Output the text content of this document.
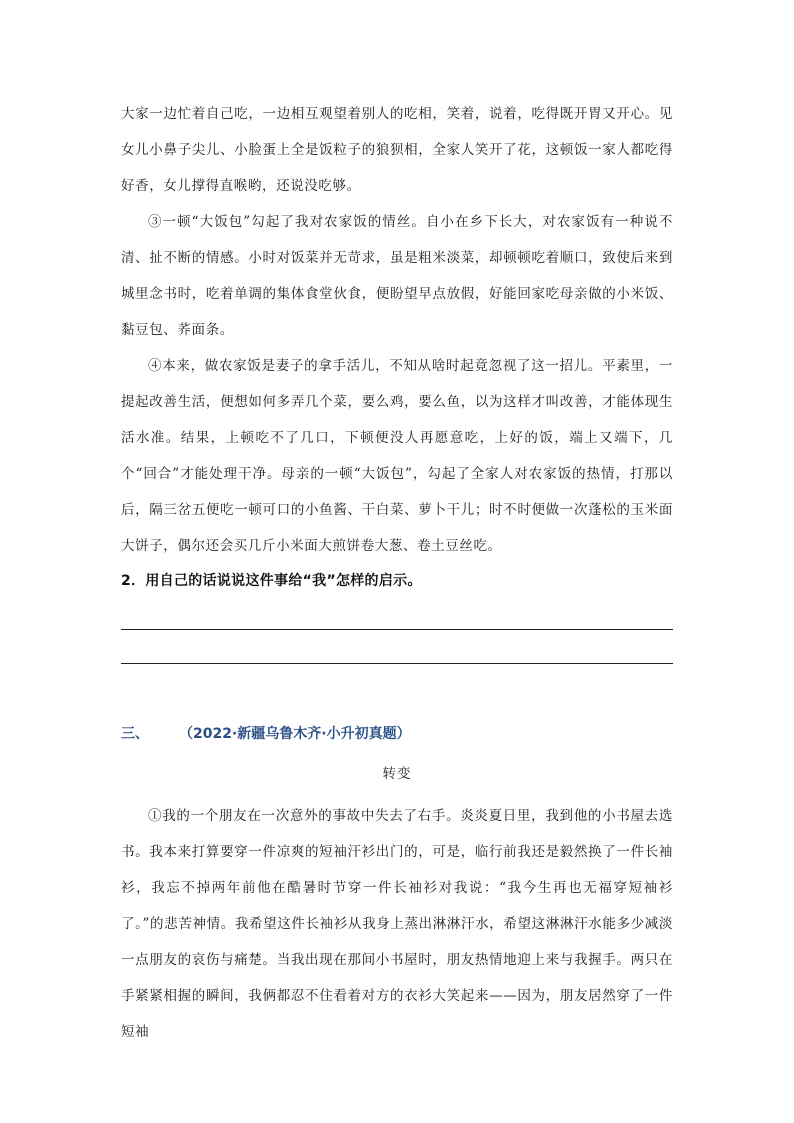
大家一边忙着自己吃，一边相互观望着别人的吃相，笑着，说着，吃得既开胃又开心。见女儿小鼻子尖儿、小脸蛋上全是饭粒子的狼狈相，全家人笑开了花，这顿饭一家人都吃得好香，女儿撑得直喉哟，还说没吃够。

③一顿“大饭包”勾起了我对农家饭的情丝。自小在乡下长大，对农家饭有一种说不清、扯不断的情感。小时对饭菜并无苛求，虽是粗米淡菜，却顿顿吃着顺口，致使后来到城里念书时，吃着单调的集体食堂伙食，便盼望早点放假，好能回家吃母亲做的小米饭、黏豆包、荞面条。

④本来，做农家饭是妻子的拿手活儿，不知从啥时起竟忽视了这一招儿。平素里，一提起改善生活，便想如何多弄几个菜，要么鸡，要么鱼，以为这样才叫改善，才能体现生活水准。结果，上顿吃不了几口，下顿便没人再愿意吃，上好的饭，端上又端下，几个“回合”才能处理干净。母亲的一顿“大饭包”，勾起了全家人对农家饭的热情，打那以后，隔三岔五便吃一顿可口的小鱼酱、干白菜、萝卜干儿；时不时便做一次蓬松的玉米面大饼子，偶尔还会买几斤小米面大煎饼卷大葱、卷土豆丝吃。

2．用自己的话说说这件事给“我”怎样的启示。
三、 （2022·新疆乌鲁木齐·小升初真题）
转变

①我的一个朋友在一次意外的事故中失去了右手。炎炎夏日里，我到他的小书屋去选书。我本来打算要穿一件凉爽的短袖汗衫出门的，可是，临行前我还是毅然换了一件长袖衫，我忘不掉两年前他在酷暑时节穿一件长袖衫对我说：“我今生再也无福穿短袖衫了。”的悲苦神情。我希望这件长袖衫从我身上蒸出淋淋汗水，希望这淋淋汗水能多少减淡一点朋友的哀伤与痛楚。当我出现在那间小书屋时，朋友热情地迎上来与我握手。两只在手紧紧相握的瞬间，我俩都忍不住看着对方的衣衫大笑起来——因为，朋友居然穿了一件短袖
